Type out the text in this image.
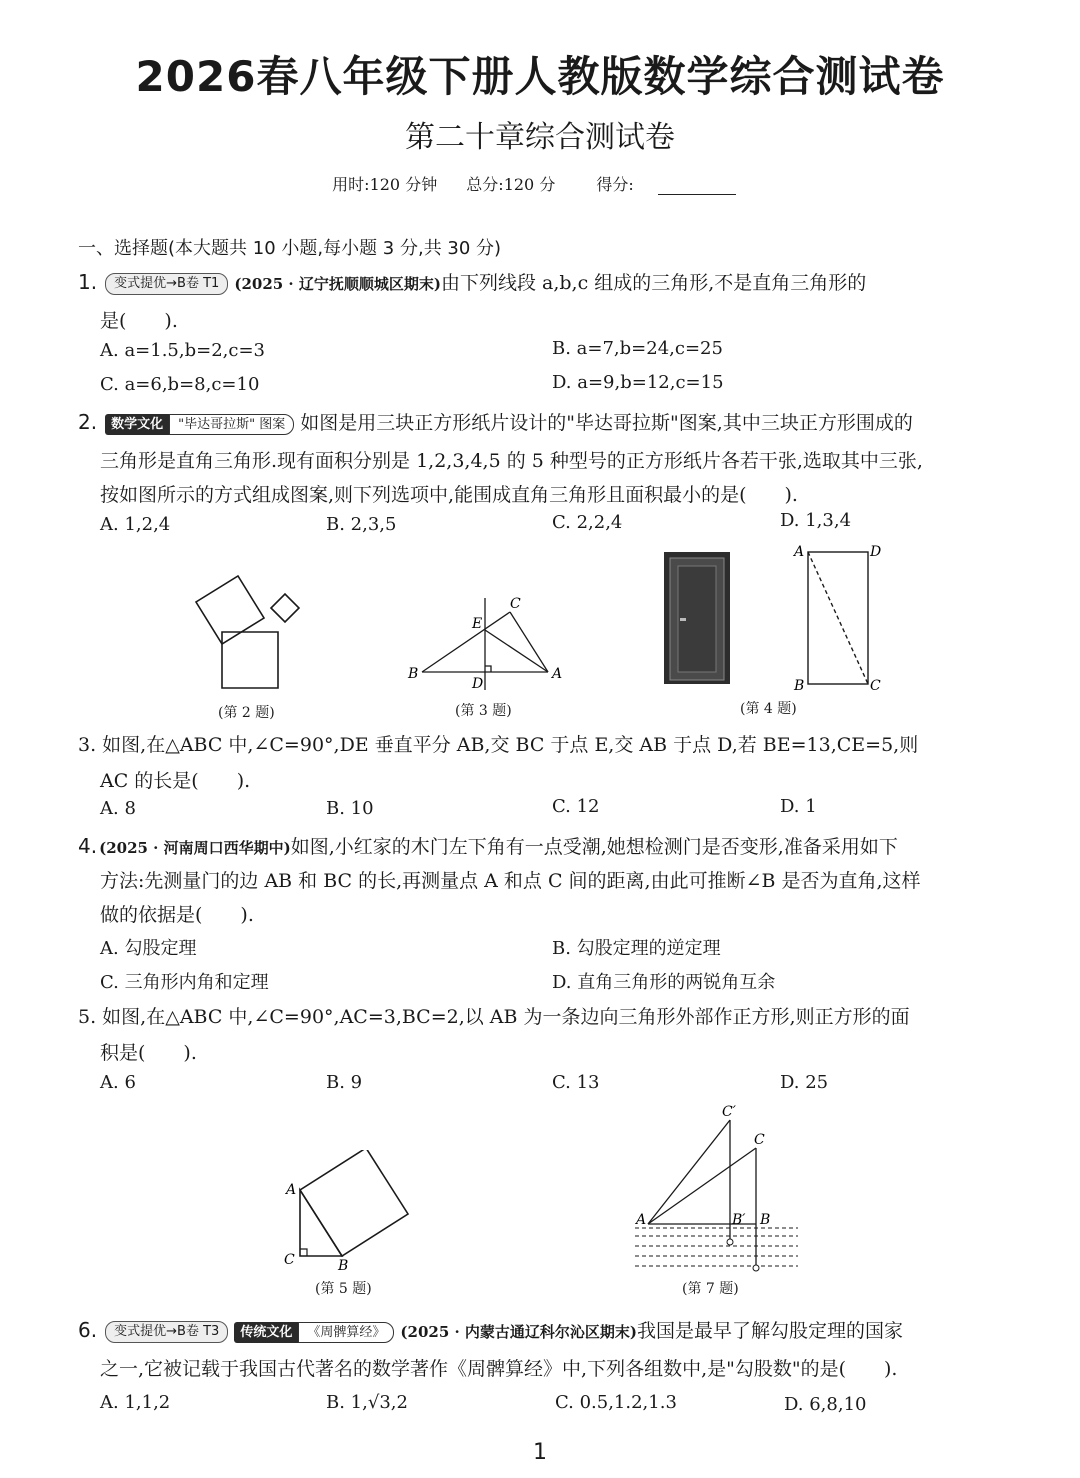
2026春八年级下册人教版数学综合测试卷
第二十章综合测试卷
用时:120 分钟 总分:120 分	得分:
一、选择题(本大题共 10 小题,每小题 3 分,共 30 分)
1. 变式提优→B卷 T1 (2025 · 辽宁抚顺顺城区期末)由下列线段 a,b,c 组成的三角形,不是直角三角形的
是(　　).
A. a=1.5,b=2,c=3	B. a=7,b=24,c=25
C. a=6,b=8,c=10	D. a=9,b=12,c=15
2. 数学文化 "毕达哥拉斯" 图案 如图是用三块正方形纸片设计的"毕达哥拉斯"图案,其中三块正方形围成的
三角形是直角三角形.现有面积分别是 1,2,3,4,5 的 5 种型号的正方形纸片各若干张,选取其中三张,
按如图所示的方式组成图案,则下列选项中,能围成直角三角形且面积最小的是(　　).
A. 1,2,4	B. 2,3,5	C. 2,2,4	D. 1,3,4
(第 2 题)
B
D
E
C
A
(第 3 题)
A	D
B	C
(第 4 题)
3. 如图,在△ABC 中,∠C=90°,DE 垂直平分 AB,交 BC 于点 E,交 AB 于点 D,若 BE=13,CE=5,则
AC 的长是(　　).
A. 8	B. 10	C. 12	D. 1
4. (2025 · 河南周口西华期中)如图,小红家的木门左下角有一点受潮,她想检测门是否变形,准备采用如下
方法:先测量门的边 AB 和 BC 的长,再测量点 A 和点 C 间的距离,由此可推断∠B 是否为直角,这样
做的依据是(　　).
A. 勾股定理	B. 勾股定理的逆定理
C. 三角形内角和定理	D. 直角三角形的两锐角互余
5. 如图,在△ABC 中,∠C=90°,AC=3,BC=2,以 AB 为一条边向三角形外部作正方形,则正方形的面
积是(　　).
A. 6	B. 9	C. 13	D. 25
A
C	B
(第 5 题)
C′
C
A	B′ B
(第 7 题)
6. 变式提优→B卷 T3 传统文化 《周髀算经》 (2025 · 内蒙古通辽科尔沁区期末)我国是最早了解勾股定理的国家
之一,它被记载于我国古代著名的数学著作《周髀算经》中,下列各组数中,是"勾股数"的是(　　).
A. 1,1,2	B. 1,√3,2	C. 0.5,1.2,1.3	D. 6,8,10
1
